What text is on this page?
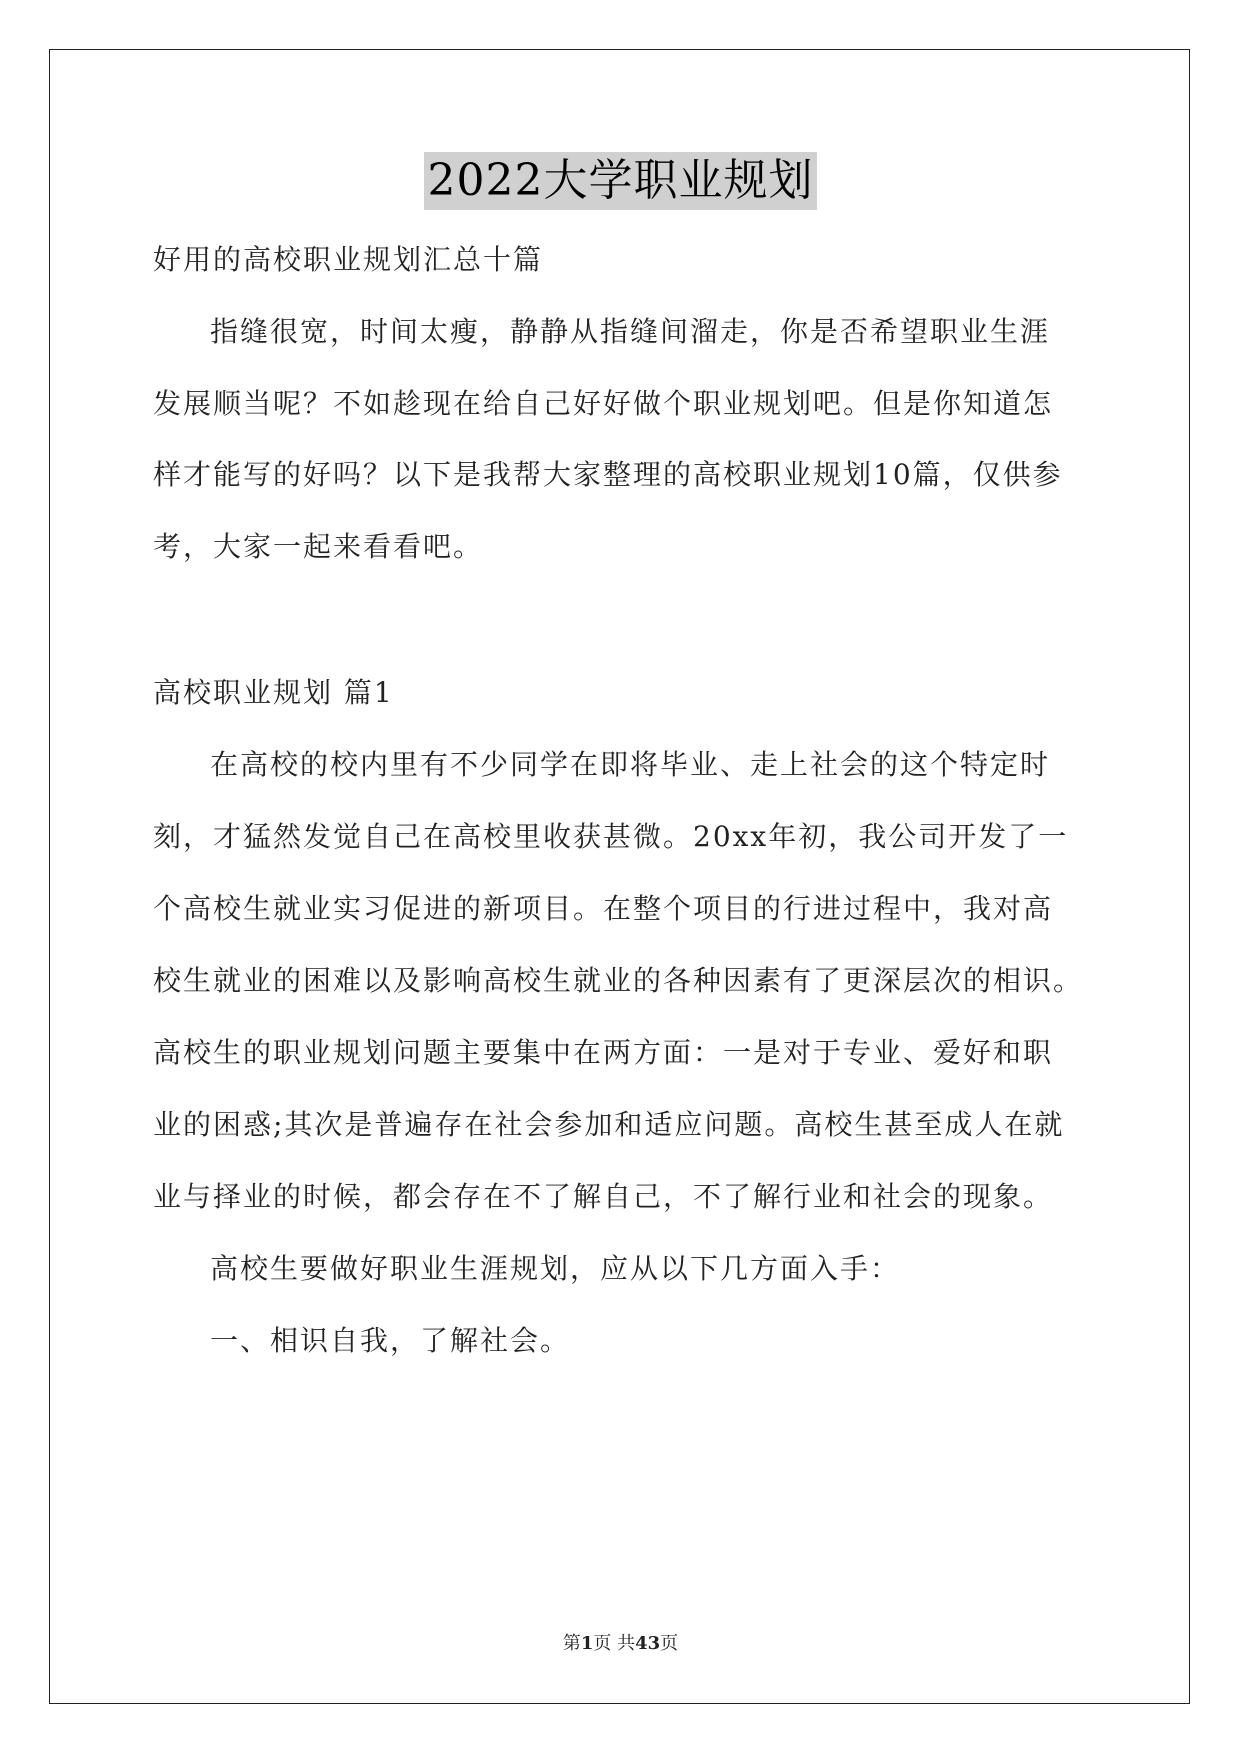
2022大学职业规划
好用的高校职业规划汇总十篇
指缝很宽，时间太瘦，静静从指缝间溜走，你是否希望职业生涯
发展顺当呢？不如趁现在给自己好好做个职业规划吧。但是你知道怎
样才能写的好吗？以下是我帮大家整理的高校职业规划10篇，仅供参
考，大家一起来看看吧。
高校职业规划 篇1
在高校的校内里有不少同学在即将毕业、走上社会的这个特定时
刻，才猛然发觉自己在高校里收获甚微。20xx年初，我公司开发了一
个高校生就业实习促进的新项目。在整个项目的行进过程中，我对高
校生就业的困难以及影响高校生就业的各种因素有了更深层次的相识。
高校生的职业规划问题主要集中在两方面：一是对于专业、爱好和职
业的困惑;其次是普遍存在社会参加和适应问题。高校生甚至成人在就
业与择业的时候，都会存在不了解自己，不了解行业和社会的现象。
高校生要做好职业生涯规划，应从以下几方面入手：
一、相识自我，了解社会。
第1页 共43页
